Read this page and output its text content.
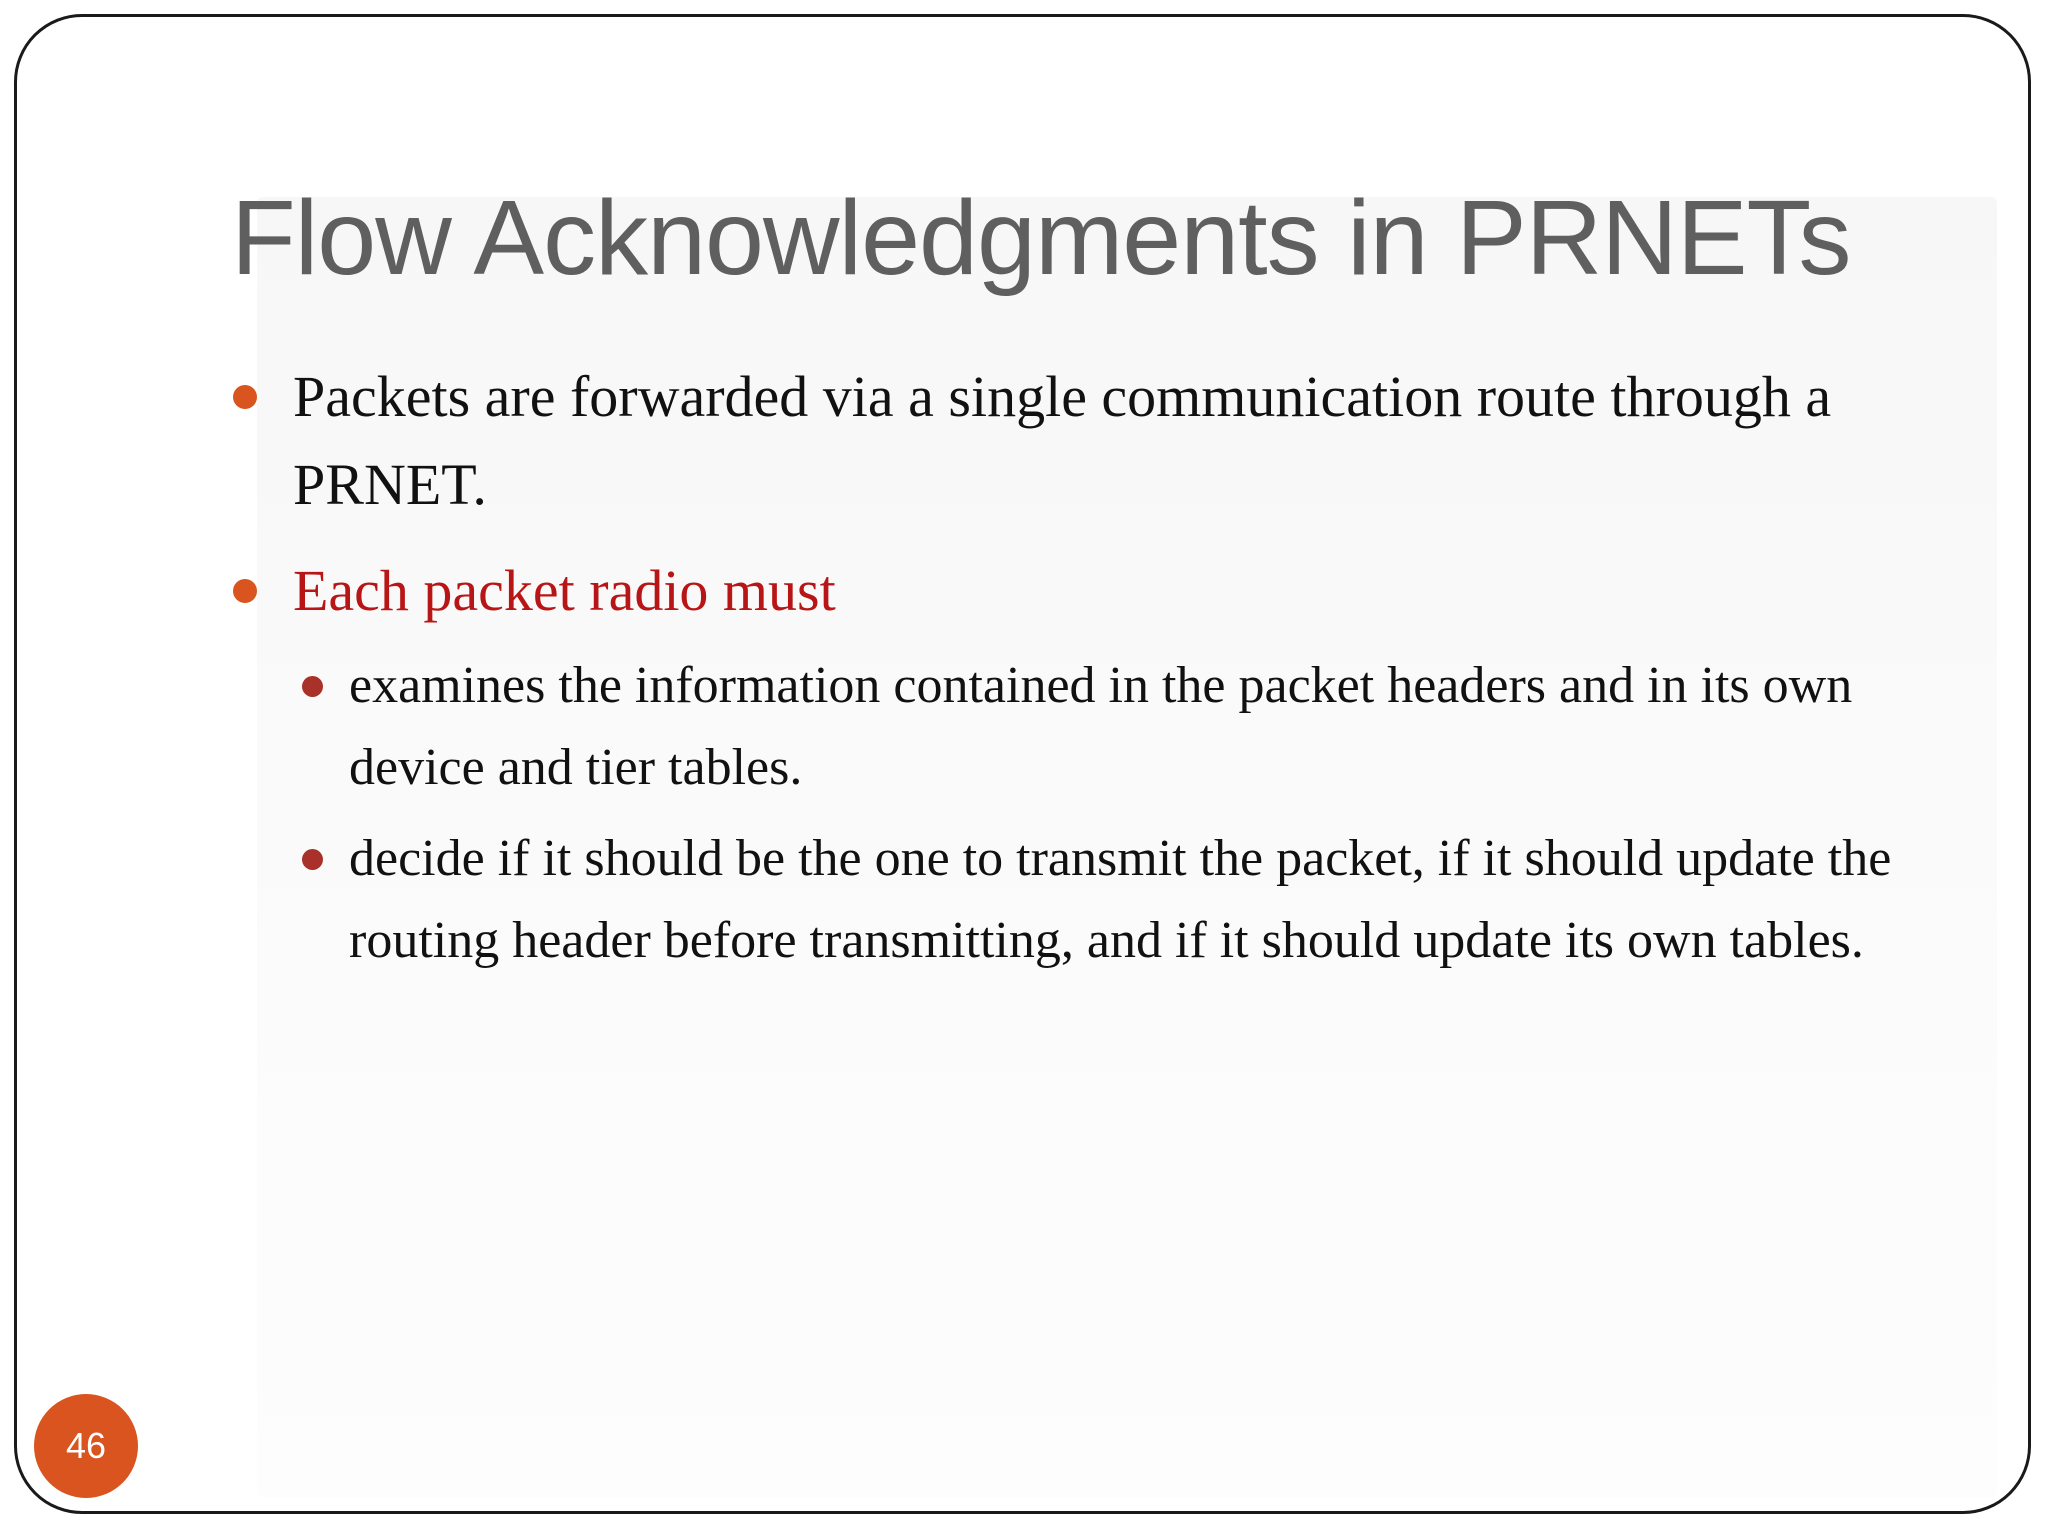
Flow Acknowledgments in PRNETs
Packets are forwarded via a single communication route through a PRNET.
Each packet radio must
examines the information contained in the packet headers and in its own device and tier tables.
decide if it should be the one to transmit the packet, if it should update the routing header before transmitting, and if it should update its own tables.
46
